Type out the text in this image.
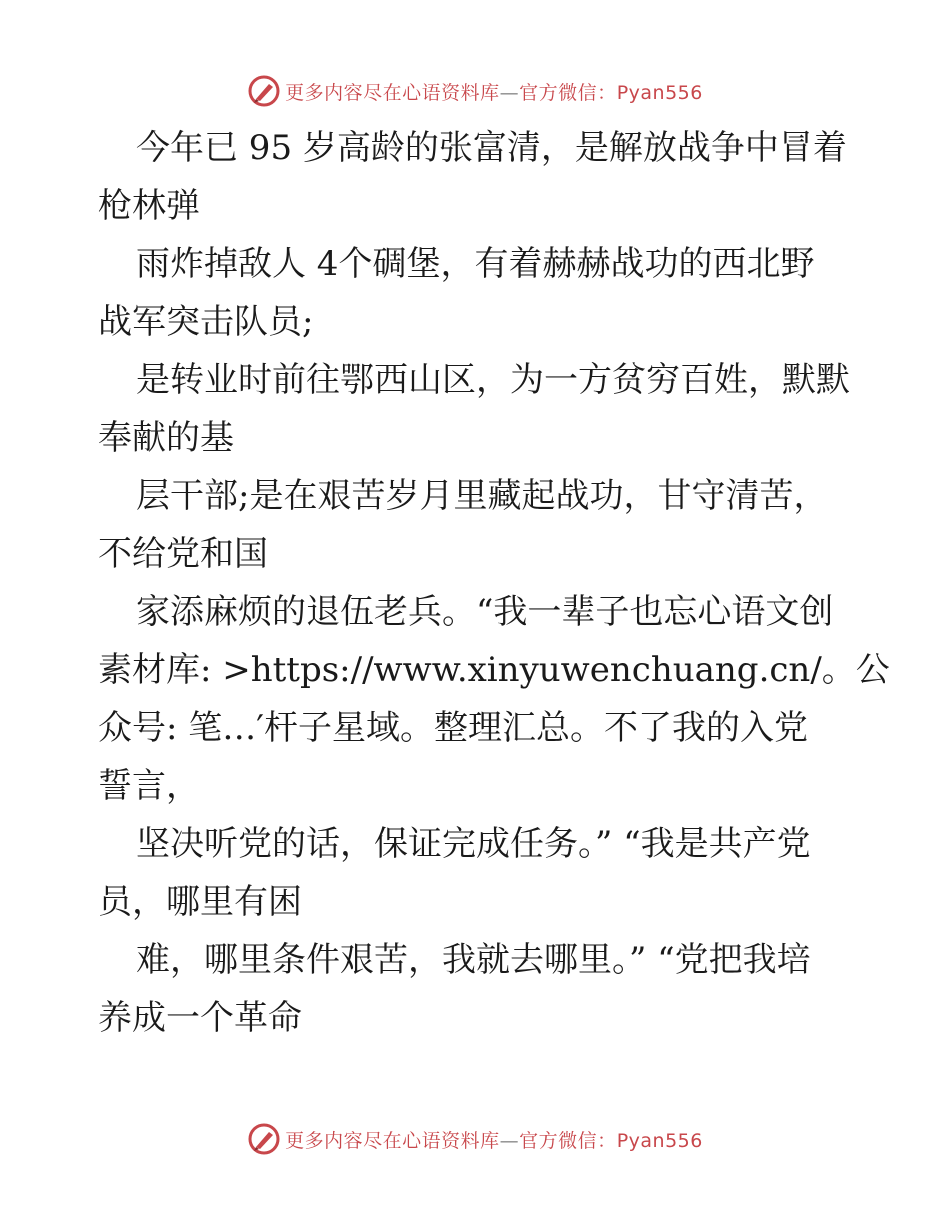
更多内容尽在心语资料库—官方微信：Pyan556
今年已 95 岁高龄的张富清，是解放战争中冒着
枪林弹
雨炸掉敌人 4个碉堡，有着赫赫战功的西北野
战军突击队员;
是转业时前往鄂西山区，为一方贫穷百姓，默默
奉献的基
层干部;是在艰苦岁月里藏起战功，甘守清苦，
不给党和国
家添麻烦的退伍老兵。“我一辈子也忘心语文创
素材库: >https://www.xinyuwenchuang.cn/。公
众号: 笔…′杆子星域。整理汇总。不了我的入党
誓言，
坚决听党的话，保证完成任务。” “我是共产党
员，哪里有困
难，哪里条件艰苦，我就去哪里。” “党把我培
养成一个革命
更多内容尽在心语资料库—官方微信：Pyan556
